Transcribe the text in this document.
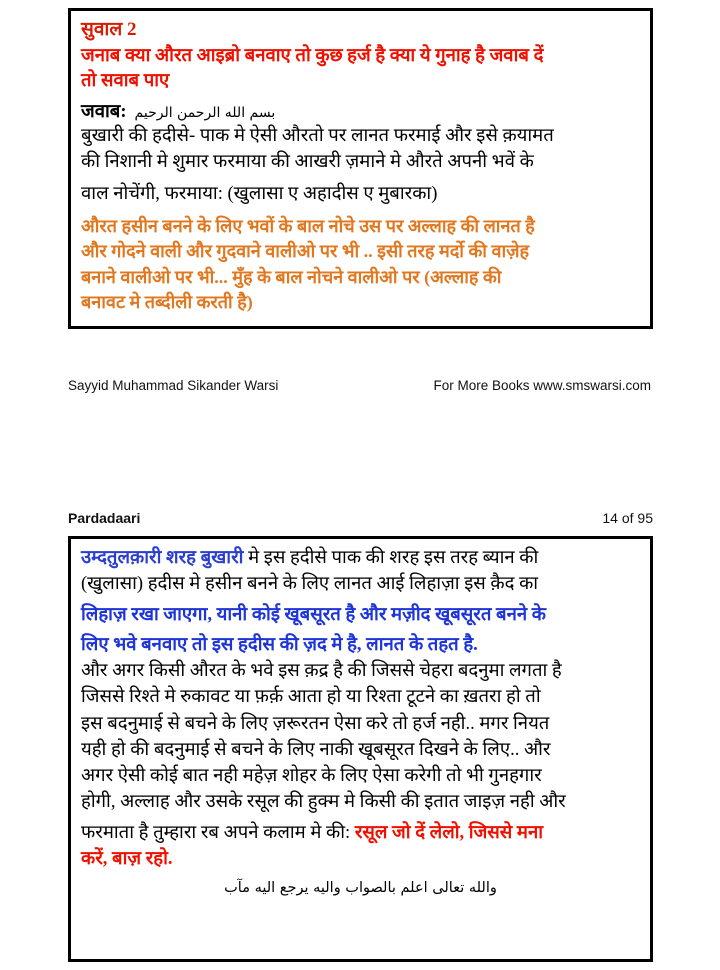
सुवाल 2
जनाब क्या औरत आइब्रो बनवाए तो कुछ हर्ज है क्या ये गुनाह है जवाब दें
तो सवाब पाए
जवाब: بسم الله الرحمن الرحيم
बुखारी की हदीसे- पाक मे ऐसी औरतो पर लानत फरमाई और इसे क़यामत
की निशानी मे शुमार फरमाया की आखरी ज़माने मे औरते अपनी भवें के
वाल नोचेंगी, फरमाया: (खुलासा ए अहादीस ए मुबारका)
औरत हसीन बनने के लिए भवों के बाल नोचे उस पर अल्लाह की लानत है
और गोदने वाली और गुदवाने वालीओ पर भी .. इसी तरह मर्दो की वाज़ेह
बनाने वालीओ पर भी... मुँह के बाल नोचने वालीओ पर (अल्लाह की
बनावट मे तब्दीली करती है)
Sayyid Muhammad Sikander Warsi	For More Books www.smswarsi.com
Pardadaari	14 of 95
उम्दतुलक़ारी शरह बुखारी मे इस हदीसे पाक की शरह इस तरह ब्यान की
(खुलासा) हदीस मे हसीन बनने के लिए लानत आई लिहाज़ा इस क़ैद का
लिहाज़ रखा जाएगा, यानी कोई खूबसूरत है और मज़ीद खूबसूरत बनने के
लिए भवे बनवाए तो इस हदीस की ज़द मे है, लानत के तहत है.
और अगर किसी औरत के भवे इस क़द्र है की जिससे चेहरा बदनुमा लगता है
जिससे रिश्ते मे रुकावट या फ़र्क़ आता हो या रिश्ता टूटने का ख़तरा हो तो
इस बदनुमाई से बचने के लिए ज़रूरतन ऐसा करे तो हर्ज नही.. मगर नियत
यही हो की बदनुमाई से बचने के लिए नाकी खूबसूरत दिखने के लिए.. और
अगर ऐसी कोई बात नही महेज़ शोहर के लिए ऐसा करेगी तो भी गुनहगार
होगी, अल्लाह और उसके रसूल की हुक्म मे किसी की इतात जाइज़ नही और
फरमाता है तुम्हारा रब अपने कलाम मे की: रसूल जो दें लेलो, जिससे मना
करें, बाज़ रहो.
والله تعالى اعلم بالصواب واليه يرجع اليه مآب
